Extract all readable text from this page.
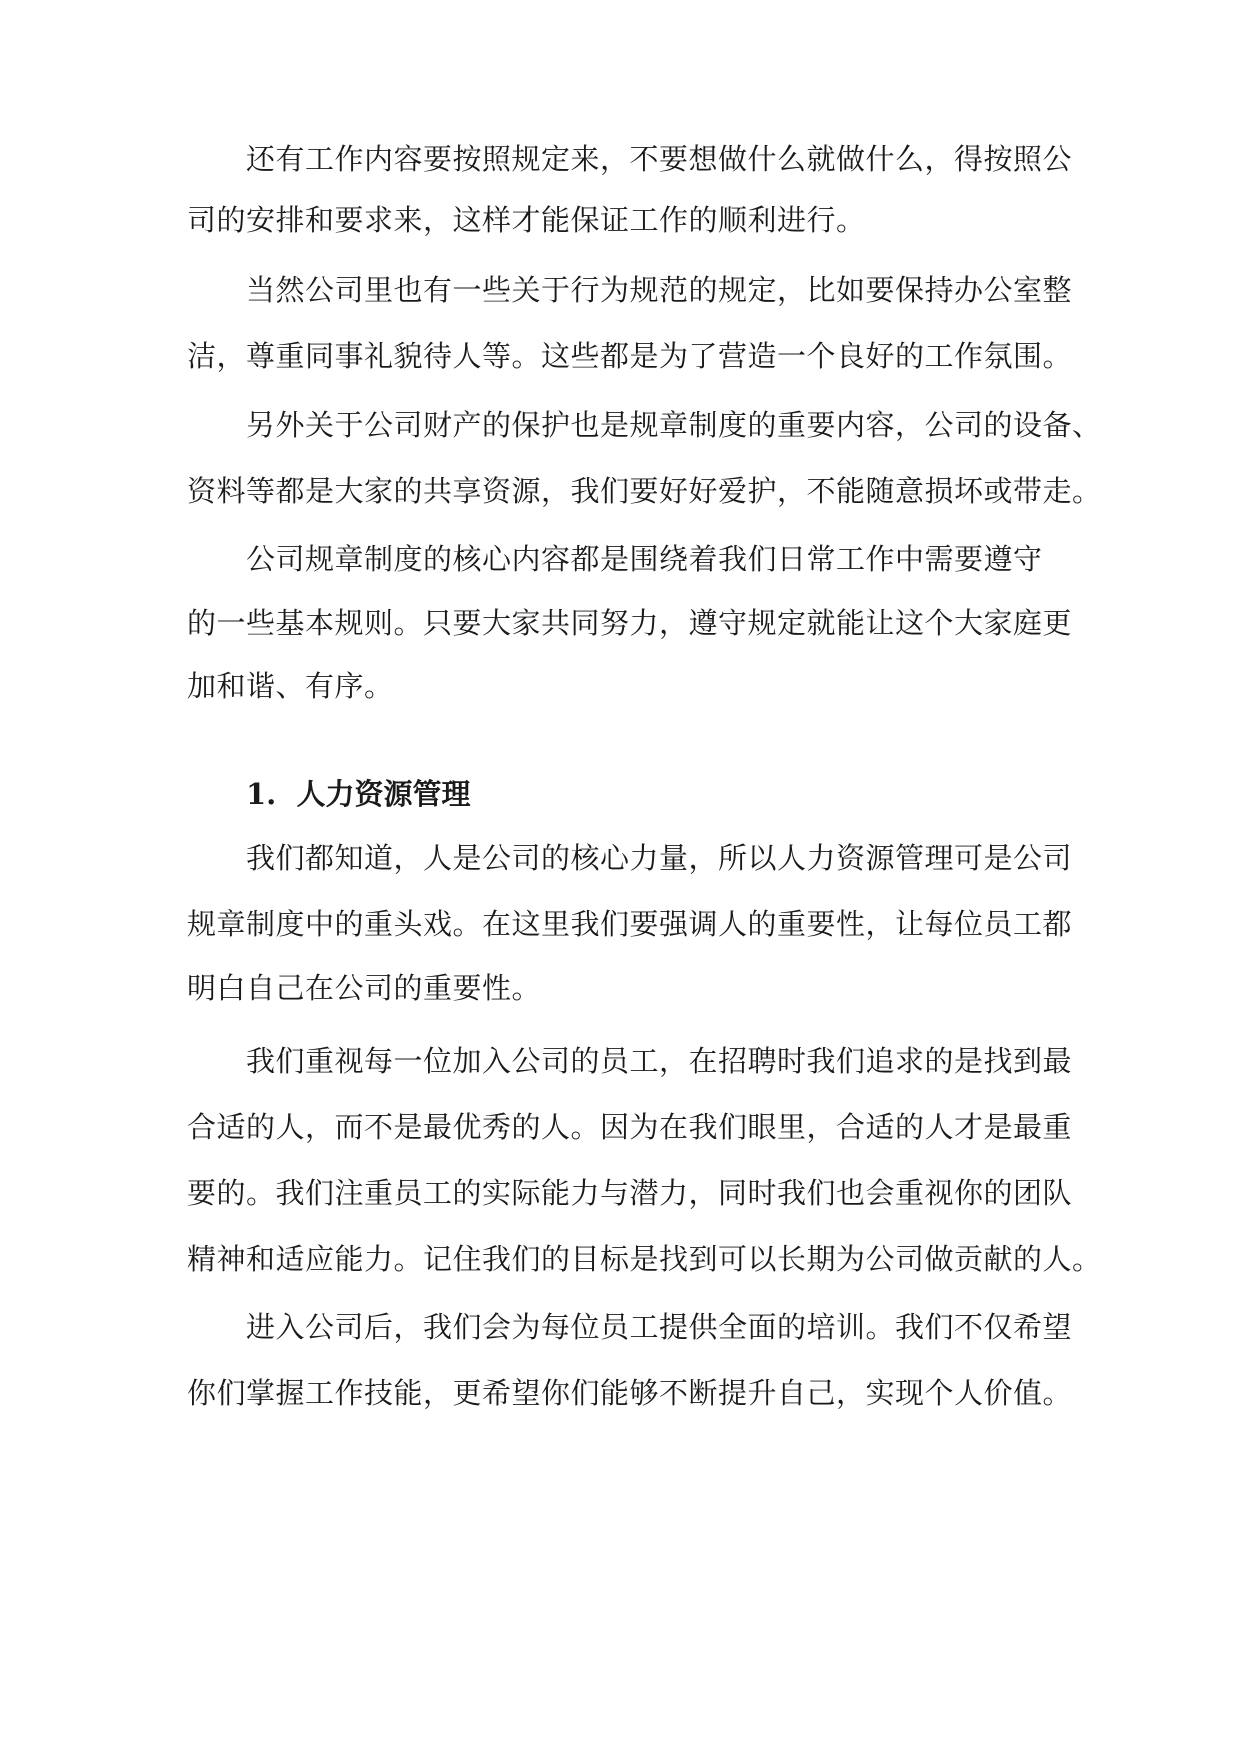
还有工作内容要按照规定来，不要想做什么就做什么，得按照公
司的安排和要求来，这样才能保证工作的顺利进行。
当然公司里也有一些关于行为规范的规定，比如要保持办公室整
洁，尊重同事礼貌待人等。这些都是为了营造一个良好的工作氛围。
另外关于公司财产的保护也是规章制度的重要内容，公司的设备、
资料等都是大家的共享资源，我们要好好爱护，不能随意损坏或带走。
公司规章制度的核心内容都是围绕着我们日常工作中需要遵守
的一些基本规则。只要大家共同努力，遵守规定就能让这个大家庭更
加和谐、有序。
1. 人力资源管理
我们都知道，人是公司的核心力量，所以人力资源管理可是公司
规章制度中的重头戏。在这里我们要强调人的重要性，让每位员工都
明白自己在公司的重要性。
我们重视每一位加入公司的员工，在招聘时我们追求的是找到最
合适的人，而不是最优秀的人。因为在我们眼里，合适的人才是最重
要的。我们注重员工的实际能力与潜力，同时我们也会重视你的团队
精神和适应能力。记住我们的目标是找到可以长期为公司做贡献的人。
进入公司后，我们会为每位员工提供全面的培训。我们不仅希望
你们掌握工作技能，更希望你们能够不断提升自己，实现个人价值。
